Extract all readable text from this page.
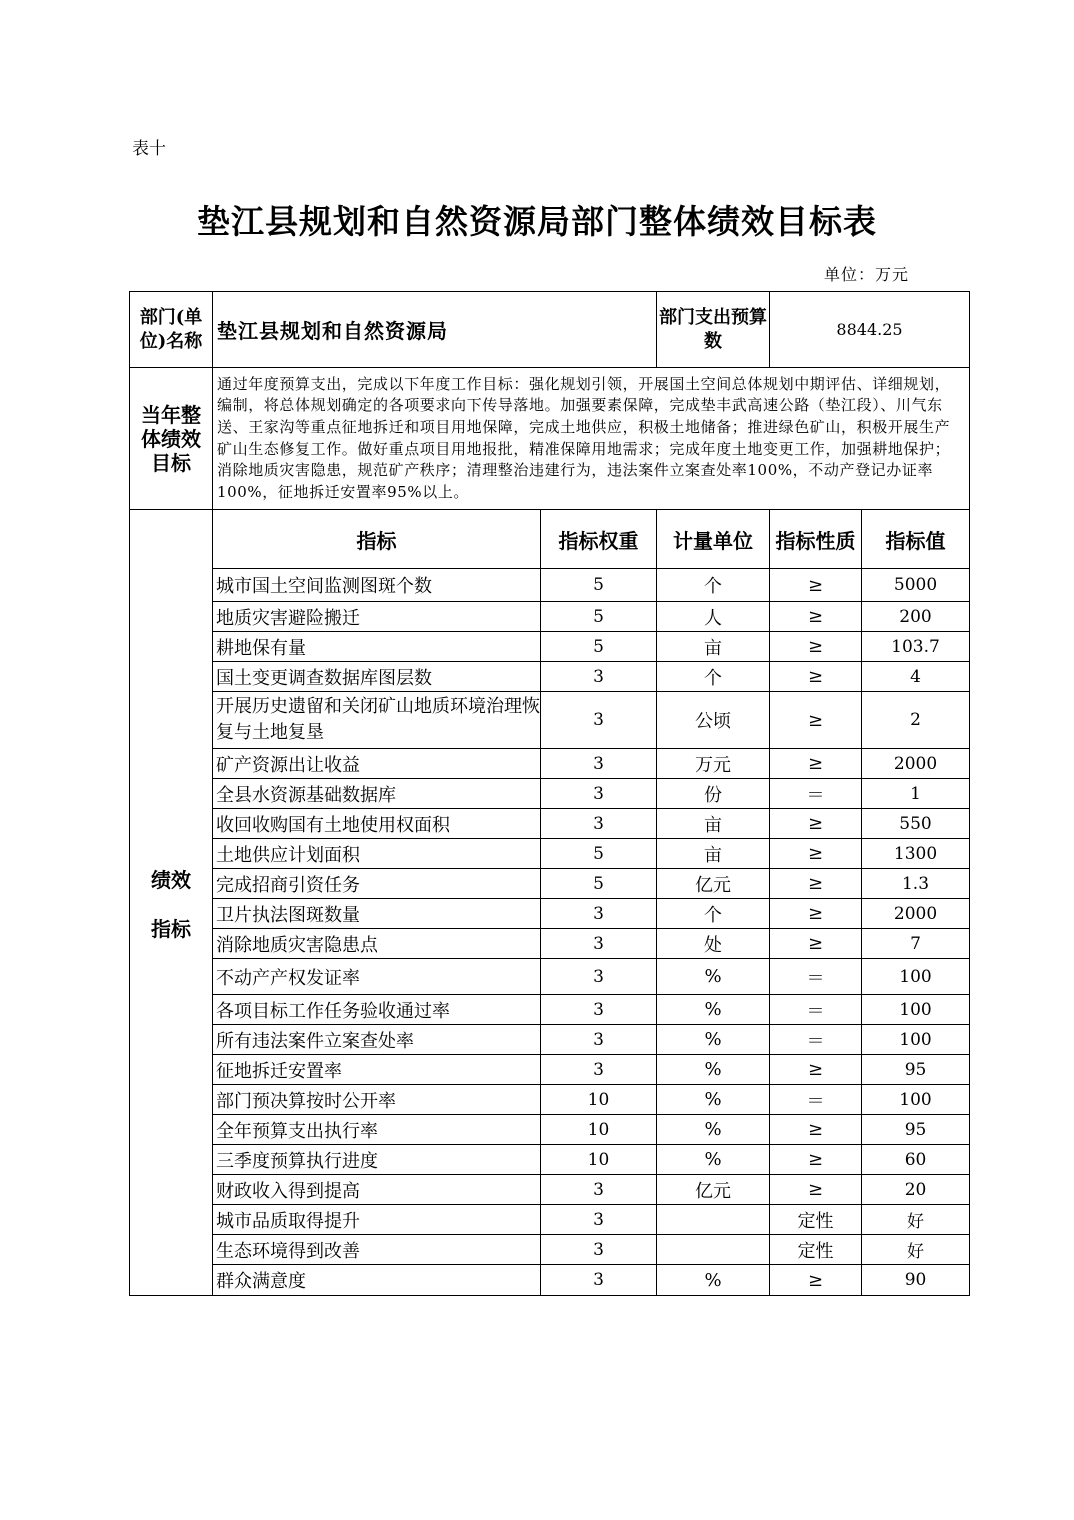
表十
垫江县规划和自然资源局部门整体绩效目标表
单位：万元
部门(单位)名称	垫江县规划和自然资源局		部门支出预算数	8844.25	

当年整体绩效目标	通过年度预算支出，完成以下年度工作目标：强化规划引领，开展国土空间总体规划中期评估、详细规划，编制，将总体规划确定的各项要求向下传导落地。加强要素保障，完成垫丰武高速公路（垫江段）、川气东送、王家沟等重点征地拆迁和项目用地保障，完成土地供应，积极土地储备；推进绿色矿山，积极开展生产矿山生态修复工作。做好重点项目用地报批，精准保障用地需求；完成年度土地变更工作，加强耕地保护；消除地质灾害隐患，规范矿产秩序；清理整治违建行为，违法案件立案查处率100%，不动产登记办证率100%，征地拆迁安置率95%以上。				

绩效
指标	指标	指标权重	计量单位	指标性质	指标值
	城市国土空间监测图斑个数	5	个	≥	5000
	地质灾害避险搬迁	5	人	≥	200
	耕地保有量	5	亩	≥	103.7
	国土变更调查数据库图层数	3	个	≥	4
	开展历史遗留和关闭矿山地质环境治理恢复与土地复垦	3	公顷	≥	2
	矿产资源出让收益	3	万元	≥	2000
	全县水资源基础数据库	3	份	＝	1
	收回收购国有土地使用权面积	3	亩	≥	550
	土地供应计划面积	5	亩	≥	1300
	完成招商引资任务	5	亿元	≥	1.3
	卫片执法图斑数量	3	个	≥	2000
	消除地质灾害隐患点	3	处	≥	7
	不动产产权发证率	3	%	＝	100
	各项目标工作任务验收通过率	3	%	＝	100
	所有违法案件立案查处率	3	%	＝	100
	征地拆迁安置率	3	%	≥	95
	部门预决算按时公开率	10	%	＝	100
	全年预算支出执行率	10	%	≥	95
	三季度预算执行进度	10	%	≥	60
	财政收入得到提高	3	亿元	≥	20
	城市品质取得提升	3		定性	好
	生态环境得到改善	3		定性	好
	群众满意度	3	%	≥	90
